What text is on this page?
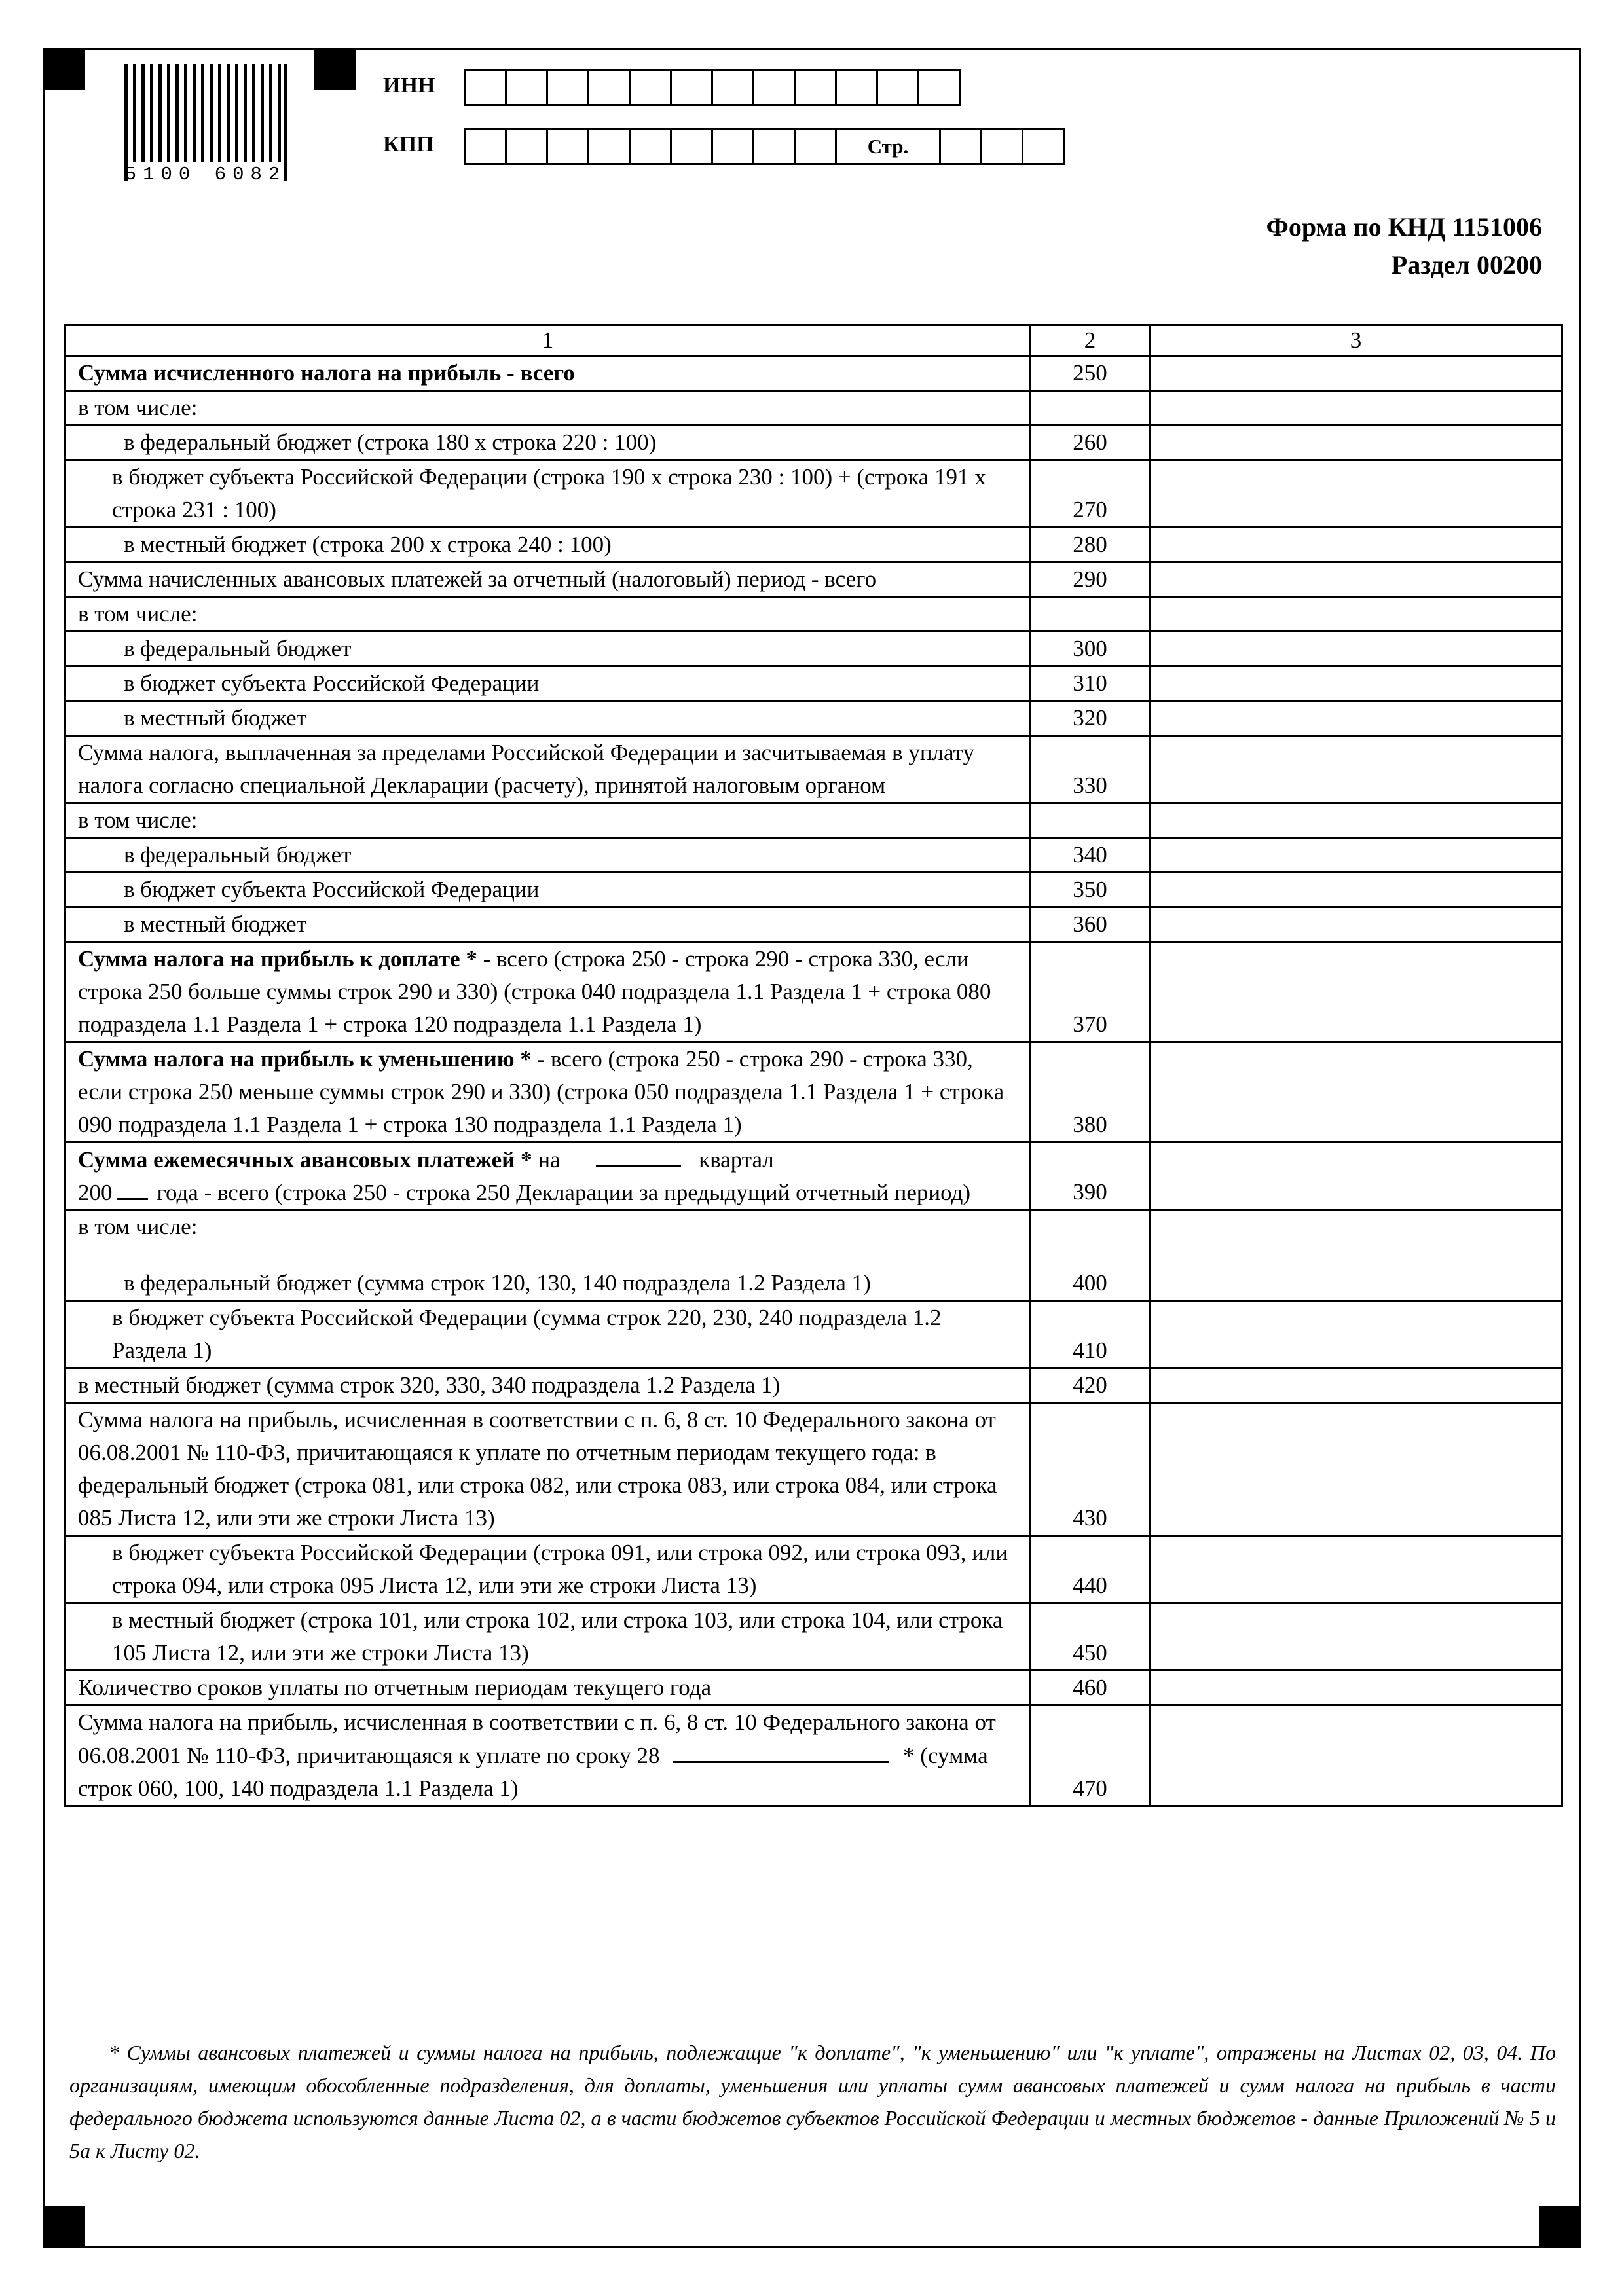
5100 6082
ИНН
КПП	Стр.
Форма по КНД 1151006
Раздел 00200
1	2	3
Сумма исчисленного налога на прибыль - всего	250	
в том числе:		

в федеральный бюджет (строка 180 х строка 220 : 100)	260	

в бюджет субъекта Российской Федерации (строка 190 х строка 230 : 100) + (строка 191 х строка 231 : 100)	270	

в местный бюджет (строка 200 х строка 240 : 100)	280	
Сумма начисленных авансовых платежей за отчетный (налоговый) период - всего	290	
в том числе:		

в федеральный бюджет	300	

в бюджет субъекта Российской Федерации	310	

в местный бюджет	320	
Сумма налога, выплаченная за пределами Российской Федерации и засчитываемая в уплату налога согласно специальной Декларации (расчету), принятой налоговым органом	330	
в том числе:		

в федеральный бюджет	340	

в бюджет субъекта Российской Федерации	350	

в местный бюджет	360	
Сумма налога на прибыль к доплате * - всего (строка 250 - строка 290 - строка 330, если строка 250 больше суммы строк 290 и 330) (строка 040 подраздела 1.1 Раздела 1 + строка 080 подраздела 1.1 Раздела 1 + строка 120 подраздела 1.1 Раздела 1)	370	
Сумма налога на прибыль к уменьшению * - всего (строка 250 - строка 290 - строка 330, если строка 250 меньше суммы строк 290 и 330) (строка 050 подраздела 1.1 Раздела 1 + строка 090 подраздела 1.1 Раздела 1 + строка 130 подраздела 1.1 Раздела 1)	380	
Сумма ежемесячных авансовых платежей * на квартал
200 года - всего (строка 250 - строка 250 Декларации за предыдущий отчетный период)	390	
в том числе:
в федеральный бюджет (сумма строк 120, 130, 140 подраздела 1.2 Раздела 1)	400	

в бюджет субъекта Российской Федерации (сумма строк 220, 230, 240 подраздела 1.2 Раздела 1)	410	
в местный бюджет (сумма строк 320, 330, 340 подраздела 1.2 Раздела 1)	420	
Сумма налога на прибыль, исчисленная в соответствии с п. 6, 8 ст. 10 Федерального закона от 06.08.2001 № 110-ФЗ, причитающаяся к уплате по отчетным периодам текущего года: в федеральный бюджет (строка 081, или строка 082, или строка 083, или строка 084, или строка 085 Листа 12, или эти же строки Листа 13)	430	

в бюджет субъекта Российской Федерации (строка 091, или строка 092, или строка 093, или строка 094, или строка 095 Листа 12, или эти же строки Листа 13)	440	

в местный бюджет (строка 101, или строка 102, или строка 103, или строка 104, или строка 105 Листа 12, или эти же строки Листа 13)	450	
Количество сроков уплаты по отчетным периодам текущего года	460	
Сумма налога на прибыль, исчисленная в соответствии с п. 6, 8 ст. 10 Федерального закона от 06.08.2001 № 110-ФЗ, причитающаяся к уплате по сроку 28 * (сумма строк 060, 100, 140 подраздела 1.1 Раздела 1)	470	
* Суммы авансовых платежей и суммы налога на прибыль, подлежащие "к доплате", "к уменьшению" или "к уплате", отражены на Листах 02, 03, 04. По организациям, имеющим обособленные подразделения, для доплаты, уменьшения или уплаты сумм авансовых платежей и сумм налога на прибыль в части федерального бюджета используются данные Листа 02, а в части бюджетов субъектов Российской Федерации и местных бюджетов - данные Приложений № 5 и 5а к Листу 02.
